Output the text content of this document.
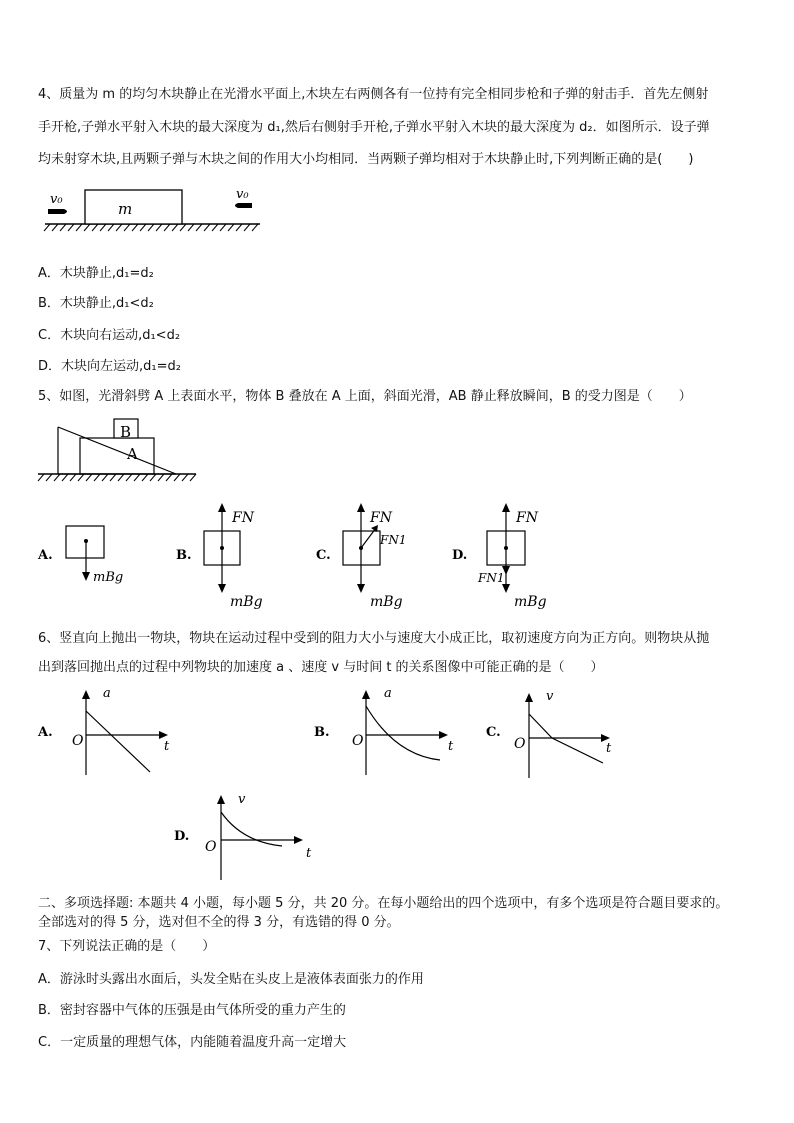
4、质量为 m 的均匀木块静止在光滑水平面上,木块左右两侧各有一位持有完全相同步枪和子弹的射击手．首先左侧射
手开枪,子弹水平射入木块的最大深度为 d₁,然后右侧射手开枪,子弹水平射入木块的最大深度为 d₂．如图所示．设子弹
均未射穿木块,且两颗子弹与木块之间的作用大小均相同．当两颗子弹均相对于木块静止时,下列判断正确的是(　　)
m
v₀	v₀
A．木块静止,d₁=d₂
B．木块静止,d₁<d₂
C．木块向右运动,d₁<d₂
D．木块向左运动,d₁=d₂
5、如图，光滑斜劈 A 上表面水平，物体 B 叠放在 A 上面，斜面光滑，AB 静止释放瞬间，B 的受力图是（　　）
B
A
A.
mBg
B.
FN
mBg
C.
FN
FN1
mBg
D.
FN
FN1
mBg
6、竖直向上抛出一物块，物块在运动过程中受到的阻力大小与速度大小成正比，取初速度方向为正方向。则物块从抛
出到落回抛出点的过程中列物块的加速度 a 、速度 v 与时间 t 的关系图像中可能正确的是（　　）
A.
a
O	t
B.
a
O	t
C.
v
O	t
D.
v
O	t
二、多项选择题: 本题共 4 小题，每小题 5 分，共 20 分。在每小题给出的四个选项中，有多个选项是符合题目要求的。
全部选对的得 5 分，选对但不全的得 3 分，有选错的得 0 分。
7、下列说法正确的是（　　）
A．游泳时头露出水面后，头发全贴在头皮上是液体表面张力的作用
B．密封容器中气体的压强是由气体所受的重力产生的
C．一定质量的理想气体，内能随着温度升高一定增大
